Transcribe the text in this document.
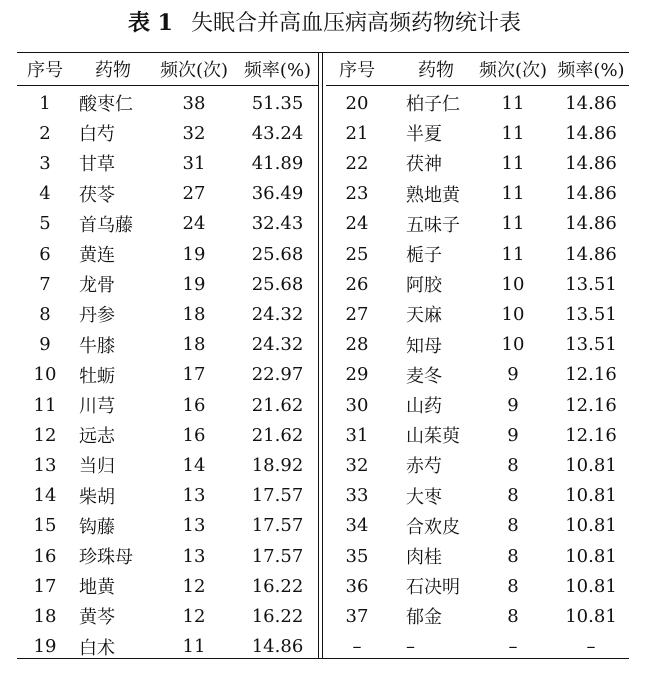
表 1 失眠合并高血压病高频药物统计表
序号	药物	频次(次) 频率(%)
1	酸枣仁	38	51.35
2	白芍	32	43.24
3	甘草	31	41.89
4	茯苓	27	36.49
5	首乌藤	24	32.43
6	黄连	19	25.68
7	龙骨	19	25.68
8	丹参	18	24.32
9	牛膝	18	24.32
10	牡蛎	17	22.97
11	川芎	16	21.62
12	远志	16	21.62
13	当归	14	18.92
14	柴胡	13	17.57
15	钩藤	13	17.57
16	珍珠母	13	17.57
17	地黄	12	16.22
18	黄芩	12	16.22
19	白术	11	14.86
序号	药物	频次(次) 频率(%)
20	柏子仁	11	14.86
21	半夏	11	14.86
22	茯神	11	14.86
23	熟地黄	11	14.86
24	五味子	11	14.86
25	栀子	11	14.86
26	阿胶	10	13.51
27	天麻	10	13.51
28	知母	10	13.51
29	麦冬	9	12.16
30	山药	9	12.16
31	山茱萸	9	12.16
32	赤芍	8	10.81
33	大枣	8	10.81
34	合欢皮	8	10.81
35	肉桂	8	10.81
36	石决明	8	10.81
37	郁金	8	10.81
–	–	–	–
